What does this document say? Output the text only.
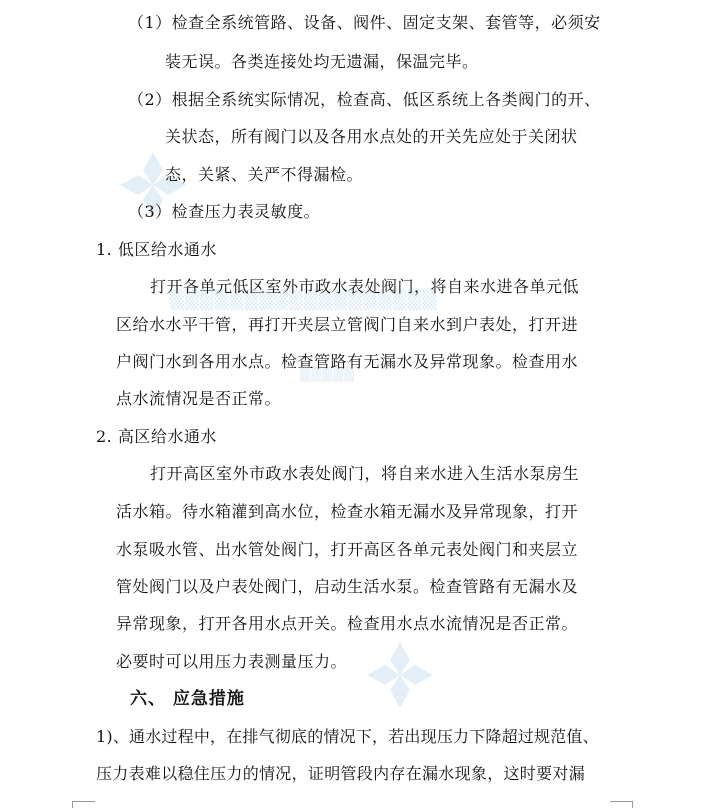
▒▒▒▒▒▒▒▒▒▒▒▒▒▒▒▒▒▒
▒▒▒▒▒
（1）检查全系统管路、设备、阀件、固定支架、套管等，必须安
装无误。各类连接处均无遗漏，保温完毕。
（2）根据全系统实际情况，检查高、低区系统上各类阀门的开、
关状态，所有阀门以及各用水点处的开关先应处于关闭状
态，关紧、关严不得漏检。
（3）检查压力表灵敏度。
1. 低区给水通水
打开各单元低区室外市政水表处阀门，将自来水进各单元低
区给水水平干管，再打开夹层立管阀门自来水到户表处，打开进
户阀门水到各用水点。检查管路有无漏水及异常现象。检查用水
点水流情况是否正常。
2. 高区给水通水
打开高区室外市政水表处阀门，将自来水进入生活水泵房生
活水箱。待水箱灌到高水位，检查水箱无漏水及异常现象，打开
水泵吸水管、出水管处阀门，打开高区各单元表处阀门和夹层立
管处阀门以及户表处阀门，启动生活水泵。检查管路有无漏水及
异常现象，打开各用水点开关。检查用水点水流情况是否正常。
必要时可以用压力表测量压力。
六、 应急措施
1)、通水过程中，在排气彻底的情况下，若出现压力下降超过规范值、
压力表难以稳住压力的情况，证明管段内存在漏水现象，这时要对漏
